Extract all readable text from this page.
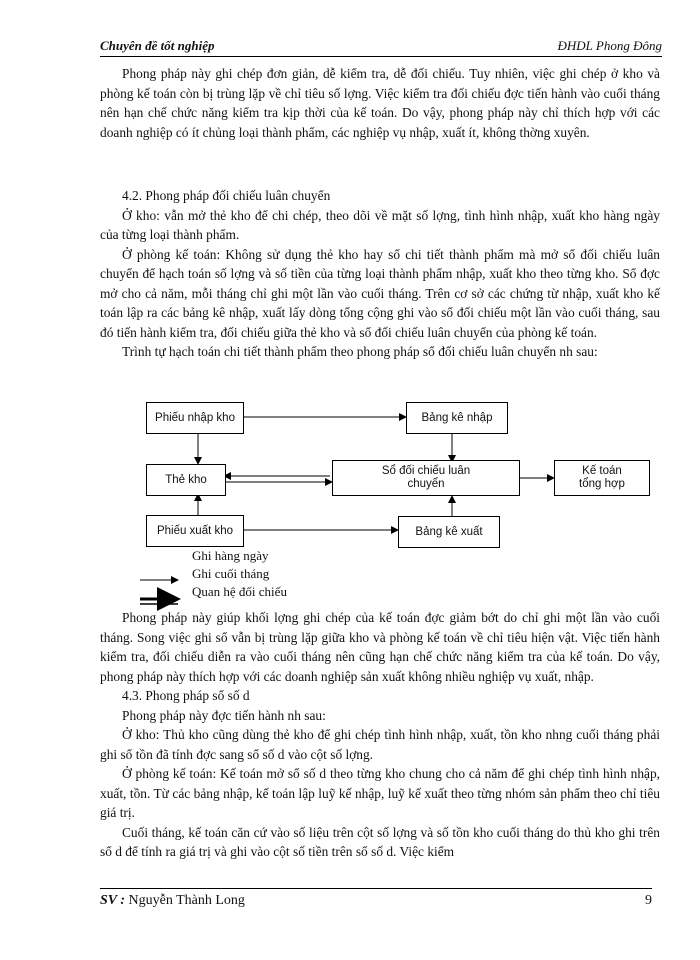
Chuyên đề tốt nghiệp	ĐHDL Phong Đông

Phong pháp này ghi chép đơn giản, dễ kiểm tra, dễ đối chiếu. Tuy nhiên, việc ghi chép ở kho và phòng kế toán còn bị trùng lặp về chỉ tiêu số lợng. Việc kiểm tra đối chiếu đợc tiến hành vào cuối tháng nên hạn chế chức năng kiểm tra kịp thời của kế toán. Do vậy, phong pháp này chỉ thích hợp với các doanh nghiệp có ít chủng loại thành phẩm, các nghiệp vụ nhập, xuất ít, không thờng xuyên.

4.2. Phong pháp đối chiếu luân chuyển

Ở kho: vẫn mở thẻ kho để chi chép, theo dõi về mặt số lợng, tình hình nhập, xuất kho hàng ngày của từng loại thành phẩm.

Ở phòng kế toán: Không sử dụng thẻ kho hay sổ chi tiết thành phẩm mà mở sổ đối chiếu luân chuyển để hạch toán số lợng và số tiền của từng loại thành phẩm nhập, xuất kho theo từng kho. Sổ đợc mở cho cả năm, mỗi tháng chỉ ghi một lần vào cuối tháng. Trên cơ sở các chứng từ nhập, xuất kho kế toán lập ra các bảng kê nhập, xuất lấy dòng tổng cộng ghi vào sổ đối chiếu một lần vào cuối tháng, sau đó tiến hành kiểm tra, đối chiếu giữa thẻ kho và sổ đối chiếu luân chuyển của phòng kế toán.

Trình tự hạch toán chi tiết thành phẩm theo phong pháp sổ đối chiếu luân chuyển nh sau:

Phiếu nhập kho	Bảng kê nhập
Thẻ kho
Sổ đối chiếu luân chuyển
Kế toán tổng hợp
Phiếu xuất kho	Bảng kê xuất
Ghi hàng ngày
Ghi cuối tháng
Quan hệ đối chiếu

Phong pháp này giúp khối lợng ghi chép của kế toán đợc giảm bớt do chỉ ghi một lần vào cuối tháng. Song việc ghi sổ vẫn bị trùng lặp giữa kho và phòng kế toán về chỉ tiêu hiện vật. Việc tiến hành kiểm tra, đối chiếu diễn ra vào cuối tháng nên cũng hạn chế chức năng kiểm tra của kế toán. Do vậy, phong pháp này thích hợp với các doanh nghiệp sản xuất không nhiều nghiệp vụ xuất, nhập.

4.3. Phong pháp sổ số d

Phong pháp này đợc tiến hành nh sau:

Ở kho: Thủ kho cũng dùng thẻ kho để ghi chép tình hình nhập, xuất, tồn kho nhng cuối tháng phải ghi sổ tồn đã tính đợc sang sổ số d vào cột số lợng.

Ở phòng kế toán: Kế toán mở sổ số d theo từng kho chung cho cả năm để ghi chép tình hình nhập, xuất, tồn. Từ các bảng nhập, kế toán lập luỹ kế nhập, luỹ kế xuất theo từng nhóm sản phẩm theo chỉ tiêu giá trị.

Cuối tháng, kế toán căn cứ vào số liệu trên cột số lợng và số tồn kho cuối tháng do thủ kho ghi trên sổ d để tính ra giá trị và ghi vào cột số tiền trên sổ số d. Việc kiểm

SV : Nguyễn Thành Long	9
